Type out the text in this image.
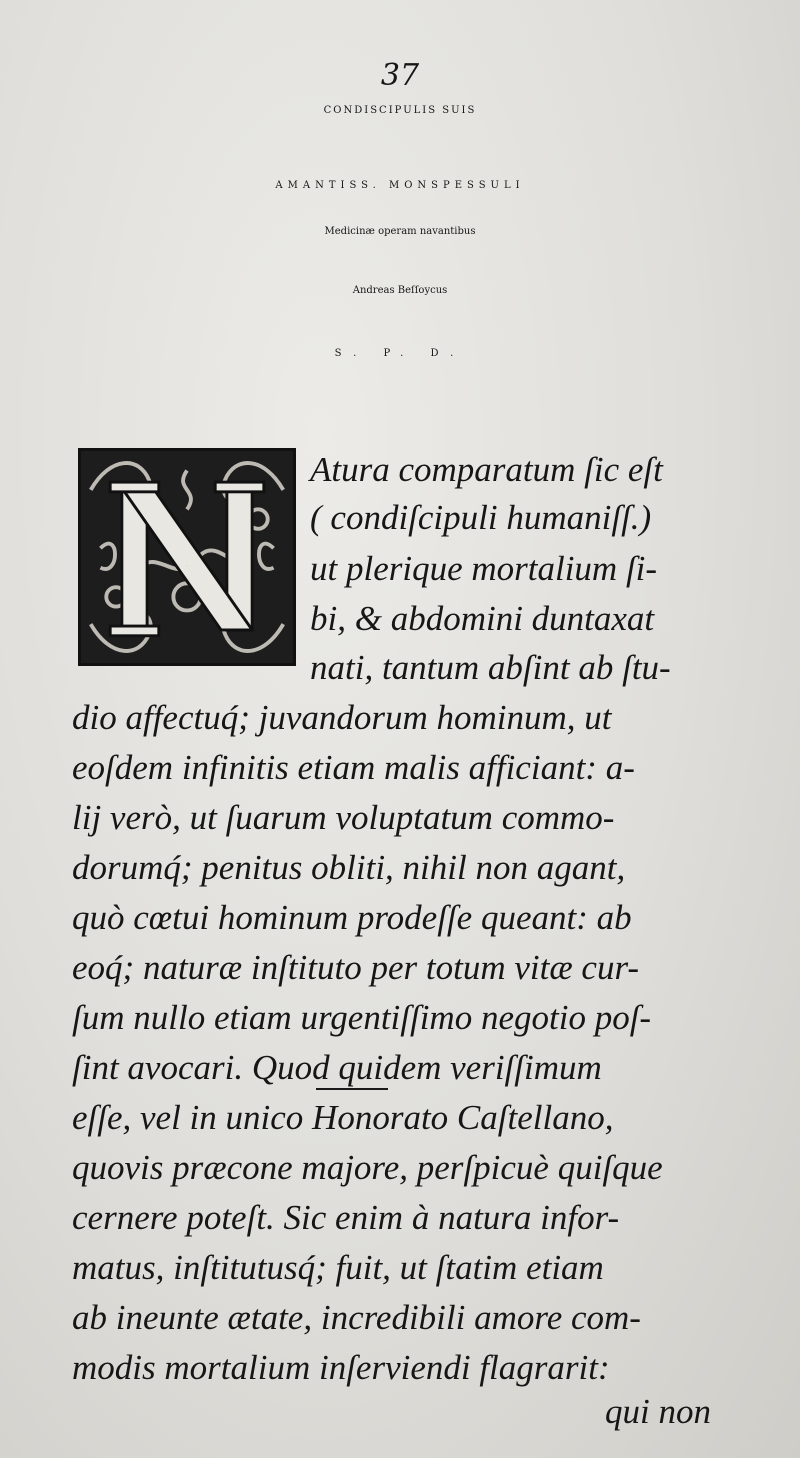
37
CONDISCIPULIS SUIS
AMANTISS. MONSPESSULI
Medicinæ operam navantibus
Andreas Beſſoycus
S. P. D.
N
Atura comparatum ſic eſt
( condiſcipuli humaniſſ.)
ut plerique mortalium ſi-
bi, & abdomini duntaxat
nati, tantum abſint ab ſtu-
dio affectuq́; juvandorum hominum, ut
eoſdem infinitis etiam malis afficiant: a-
lij verò, ut ſuarum voluptatum commo-
dorumq́; penitus obliti, nihil non agant,
quò cœtui hominum prodeſſe queant: ab
eoq́; naturæ inſtituto per totum vitæ cur-
ſum nullo etiam urgentiſſimo negotio poſ-
ſint avocari. Quod quidem veriſſimum
eſſe, vel in unico Honorato Caſtellano,
quovis præcone majore, perſpicuè quiſque
cernere poteſt. Sic enim à natura infor-
matus, inſtitutusq́; fuit, ut ſtatim etiam
ab ineunte ætate, incredibili amore com-
modis mortalium inſerviendi flagrarit:
qui non
